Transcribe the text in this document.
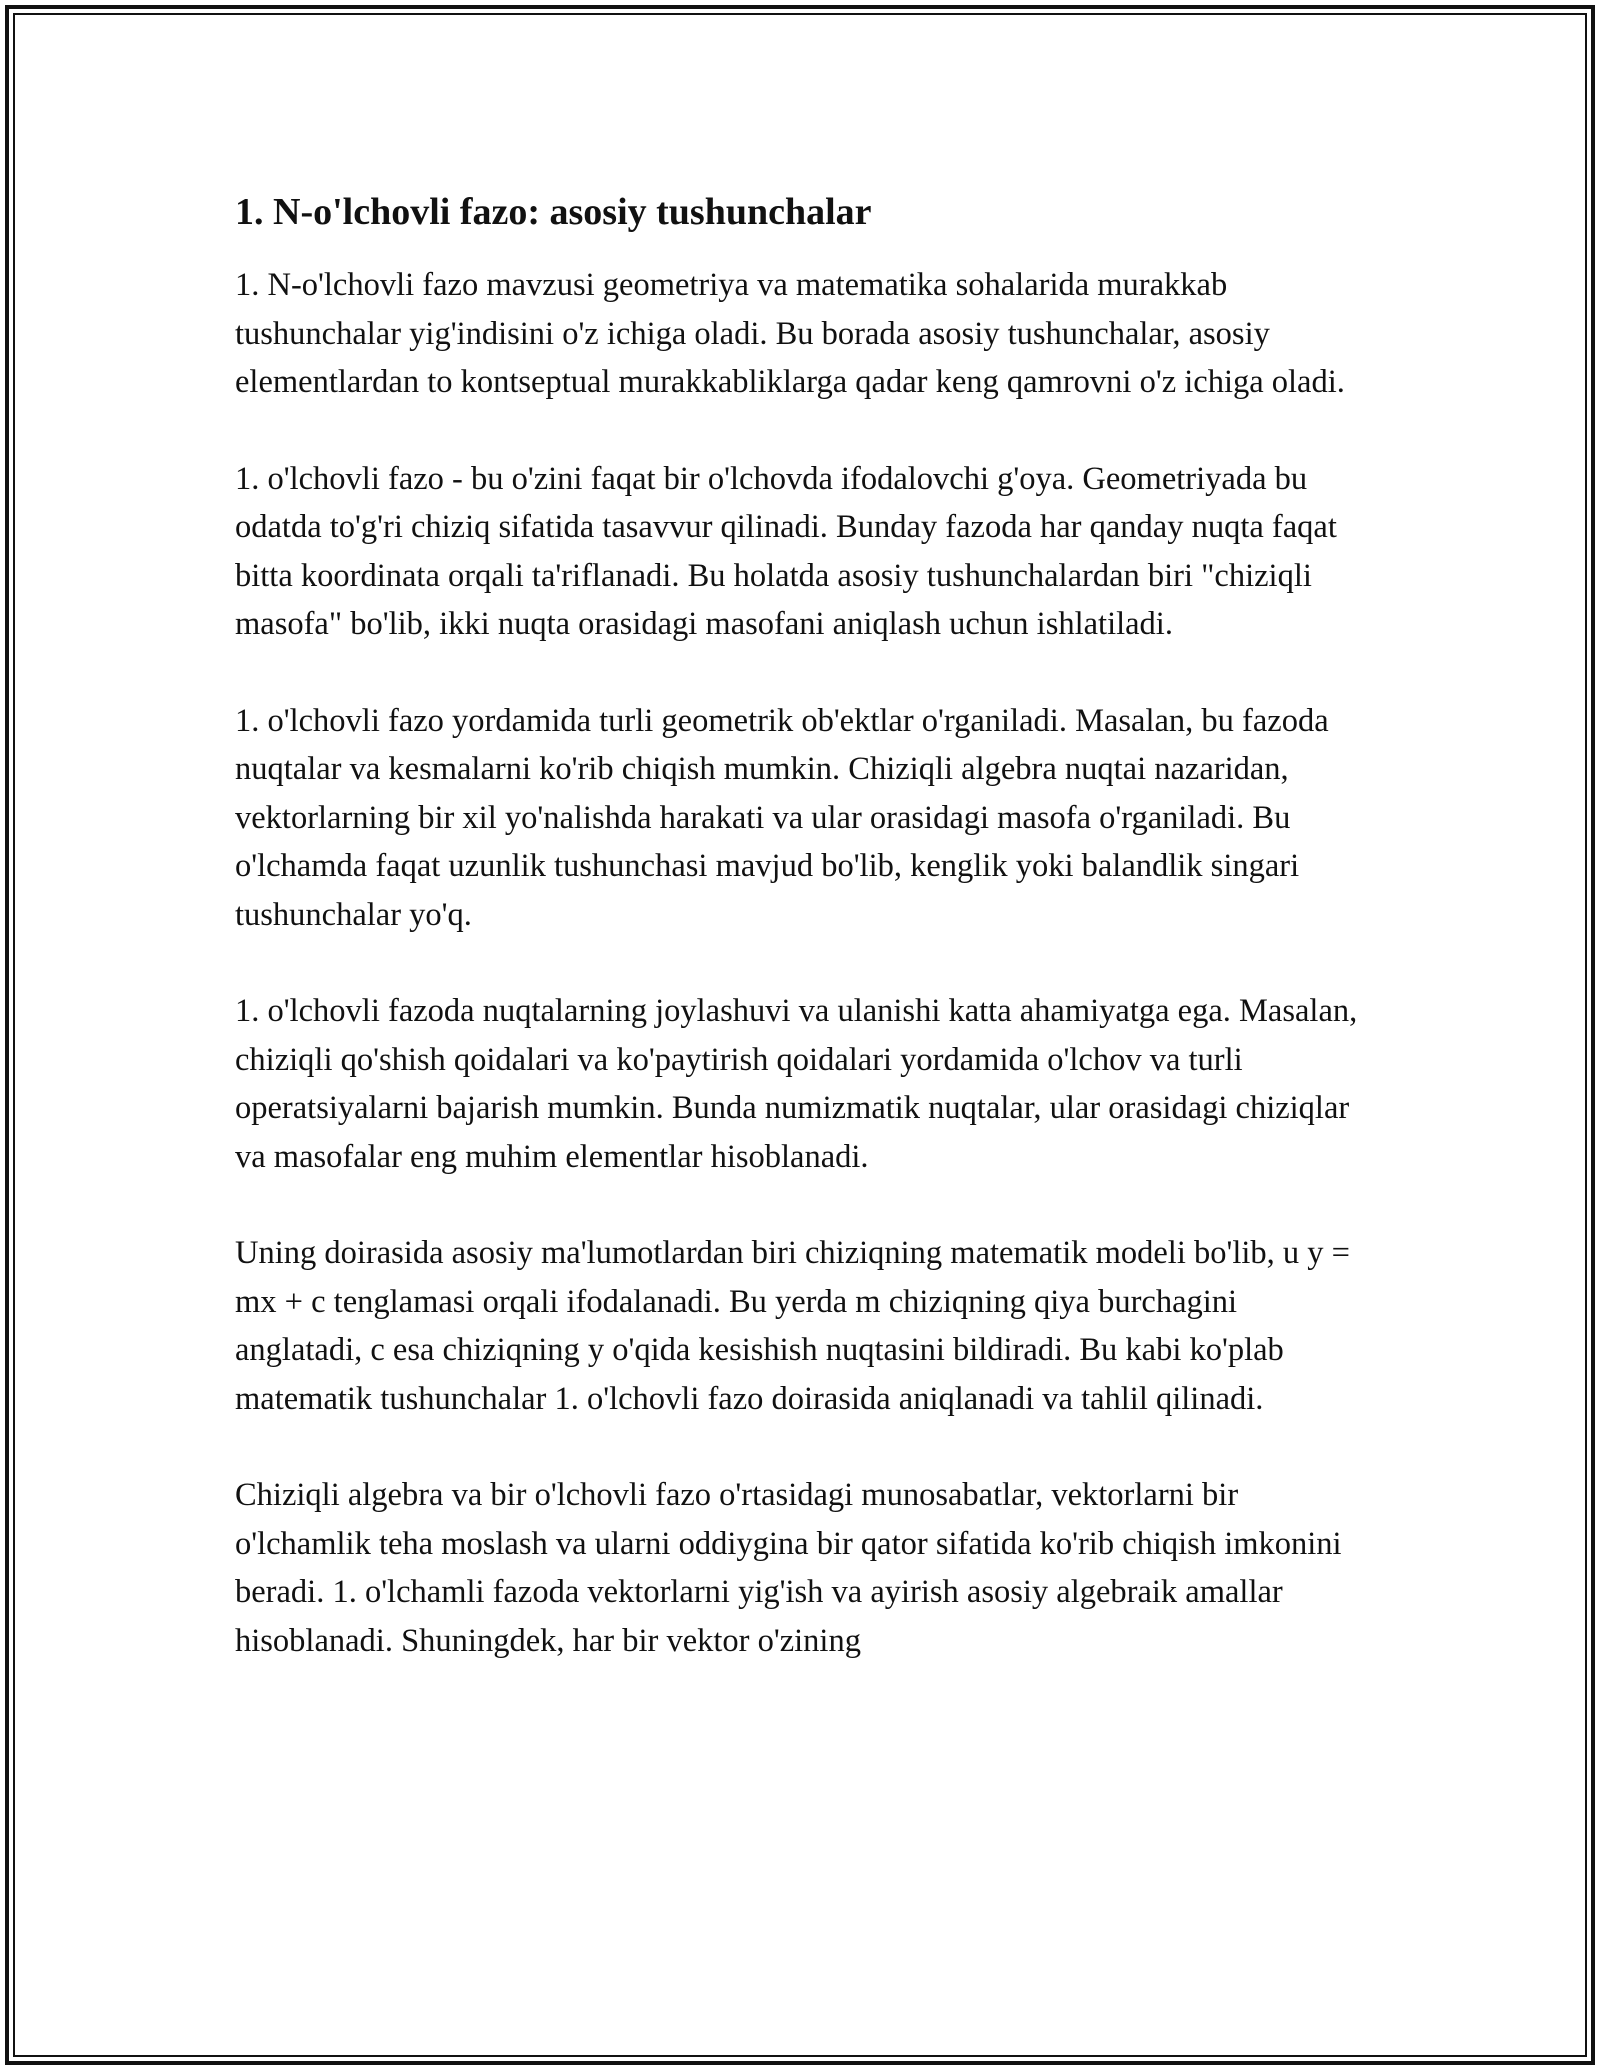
1. N-o'lchovli fazo: asosiy tushunchalar

1. N-o'lchovli fazo mavzusi geometriya va matematika sohalarida murakkab tushunchalar yig'indisini o'z ichiga oladi. Bu borada asosiy tushunchalar, asosiy elementlardan to kontseptual murakkabliklarga qadar keng qamrovni o'z ichiga oladi.

1. o'lchovli fazo - bu o'zini faqat bir o'lchovda ifodalovchi g'oya. Geometriyada bu odatda to'g'ri chiziq sifatida tasavvur qilinadi. Bunday fazoda har qanday nuqta faqat bitta koordinata orqali ta'riflanadi. Bu holatda asosiy tushunchalardan biri "chiziqli masofa" bo'lib, ikki nuqta orasidagi masofani aniqlash uchun ishlatiladi.

1. o'lchovli fazo yordamida turli geometrik ob'ektlar o'rganiladi. Masalan, bu fazoda nuqtalar va kesmalarni ko'rib chiqish mumkin. Chiziqli algebra nuqtai nazaridan, vektorlarning bir xil yo'nalishda harakati va ular orasidagi masofa o'rganiladi. Bu o'lchamda faqat uzunlik tushunchasi mavjud bo'lib, kenglik yoki balandlik singari tushunchalar yo'q.

1. o'lchovli fazoda nuqtalarning joylashuvi va ulanishi katta ahamiyatga ega. Masalan, chiziqli qo'shish qoidalari va ko'paytirish qoidalari yordamida o'lchov va turli operatsiyalarni bajarish mumkin. Bunda numizmatik nuqtalar, ular orasidagi chiziqlar va masofalar eng muhim elementlar hisoblanadi.

Uning doirasida asosiy ma'lumotlardan biri chiziqning matematik modeli bo'lib, u y = mx + c tenglamasi orqali ifodalanadi. Bu yerda m chiziqning qiya burchagini anglatadi, c esa chiziqning y o'qida kesishish nuqtasini bildiradi. Bu kabi ko'plab matematik tushunchalar 1. o'lchovli fazo doirasida aniqlanadi va tahlil qilinadi.

Chiziqli algebra va bir o'lchovli fazo o'rtasidagi munosabatlar, vektorlarni bir o'lchamlik teha moslash va ularni oddiygina bir qator sifatida ko'rib chiqish imkonini beradi. 1. o'lchamli fazoda vektorlarni yig'ish va ayirish asosiy algebraik amallar hisoblanadi. Shuningdek, har bir vektor o'zining
